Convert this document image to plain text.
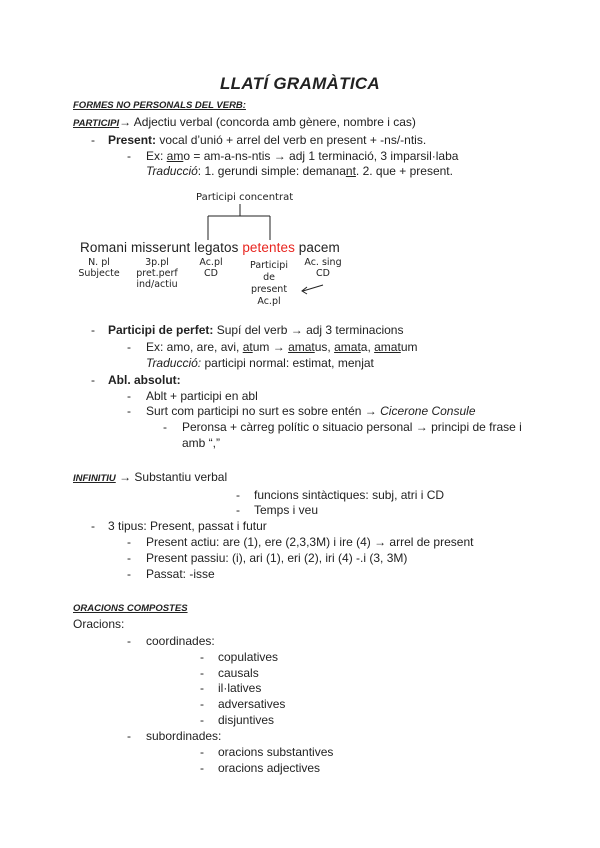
LLATÍ GRAMÀTICA
FORMES NO PERSONALS DEL VERB:
PARTICIPI→ Adjectiu verbal (concorda amb gènere, nombre i cas)
- Present: vocal d’unió + arrel del verb en present + -ns/-ntis.
- Ex: amo = am-a-ns-ntis → adj 1 terminació, 3 imparsil·laba
Traducció: 1. gerundi simple: demanant. 2. que + present.
Participi concentrat
Romani misserunt legatos petentes pacem
N. pl
Subjecte
3p.pl
pret.perf
ind/actiu
Ac.pl
CD
Participi
de
present
Ac.pl
Ac. sing
CD
- Participi de perfet: Supí del verb → adj 3 terminacions
- Ex: amo, are, avi, atum → amatus, amata, amatum
Traducció: participi normal: estimat, menjat
- Abl. absolut:
- Ablt + participi en abl
- Surt com participi no surt es sobre entén → Cicerone Consule
- Peronsa + càrreg polític o situacio personal → principi de frase i
amb “,”
INFINITIU → Substantiu verbal
- funcions sintàctiques: subj, atri i CD
- Temps i veu
- 3 tipus: Present, passat i futur
- Present actiu: are (1), ere (2,3,3M) i ire (4) → arrel de present
- Present passiu: (i), ari (1), eri (2), iri (4) -.i (3, 3M)
- Passat: -isse
ORACIONS COMPOSTES
Oracions:
- coordinades:
- copulatives
- causals
- il·latives
- adversatives
- disjuntives
- subordinades:
- oracions substantives
- oracions adjectives
